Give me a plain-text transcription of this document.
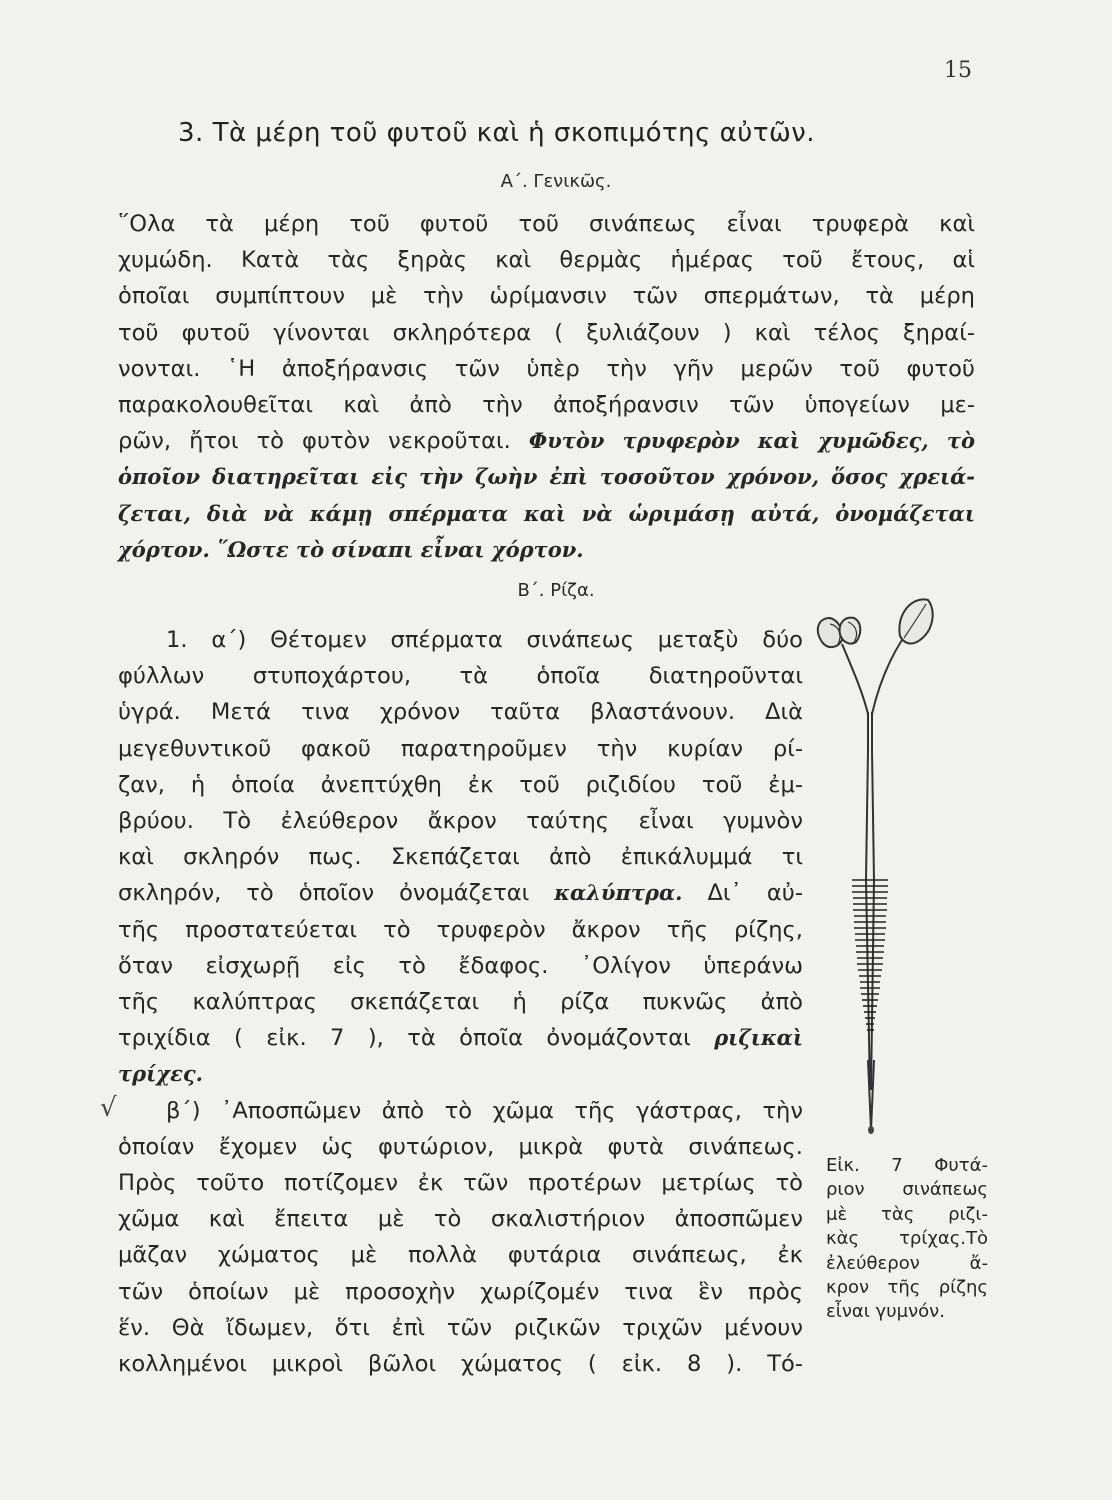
15
3. Τὰ μέρη τοῦ φυτοῦ καὶ ἡ σκοπιμότης αὐτῶν.
Α΄. Γενικῶς.
῞Ολα τὰ μέρη τοῦ φυτοῦ τοῦ σινάπεως εἶναι τρυφερὰ καὶ
χυμώδη. Κατὰ τὰς ξηρὰς καὶ θερμὰς ἡμέρας τοῦ ἔτους, αἱ
ὁποῖαι συμπίπτουν μὲ τὴν ὡρίμανσιν τῶν σπερμάτων, τὰ μέρη
τοῦ φυτοῦ γίνονται σκληρότερα ( ξυλιάζουν ) καὶ τέλος ξηραί-
νονται. ῾Η ἀποξήρανσις τῶν ὑπὲρ τὴν γῆν μερῶν τοῦ φυτοῦ
παρακολουθεῖται καὶ ἀπὸ τὴν ἀποξήρανσιν τῶν ὑπογείων με-
ρῶν, ἤτοι τὸ φυτὸν νεκροῦται. Φυτὸν τρυφερὸν καὶ χυμῶδες, τὸ
ὁποῖον διατηρεῖται εἰς τὴν ζωὴν ἐπὶ τοσοῦτον χρόνον, ὅσος χρειά-
ζεται, διὰ νὰ κάμῃ σπέρματα καὶ νὰ ὡριμάσῃ αὐτά, ὀνομάζεται
χόρτον. ῞Ωστε τὸ σίναπι εἶναι χόρτον.
Β΄. Ρίζα.
1. α΄) Θέτομεν σπέρματα σινάπεως μεταξὺ δύο
φύλλων στυποχάρτου, τὰ ὁποῖα διατηροῦνται
ὑγρά. Μετά τινα χρόνον ταῦτα βλαστάνουν. Διὰ
μεγεθυντικοῦ φακοῦ παρατηροῦμεν τὴν κυρίαν ρί-
ζαν, ἡ ὁποία ἀνεπτύχθη ἐκ τοῦ ριζιδίου τοῦ ἐμ-
βρύου. Τὸ ἐλεύθερον ἄκρον ταύτης εἶναι γυμνὸν
καὶ σκληρόν πως. Σκεπάζεται ἀπὸ ἐπικάλυμμά τι
σκληρόν, τὸ ὁποῖον ὀνομάζεται καλύπτρα. Δι᾽ αὐ-
τῆς προστατεύεται τὸ τρυφερὸν ἄκρον τῆς ρίζης,
ὅταν εἰσχωρῇ εἰς τὸ ἔδαφος. ᾽Ολίγον ὑπεράνω
τῆς καλύπτρας σκεπάζεται ἡ ρίζα πυκνῶς ἀπὸ
τριχίδια ( εἰκ. 7 ), τὰ ὁποῖα ὀνομάζονται ριζικαὶ
τρίχες.
β΄) ᾽Αποσπῶμεν ἀπὸ τὸ χῶμα τῆς γάστρας, τὴν
ὁποίαν ἔχομεν ὡς φυτώριον, μικρὰ φυτὰ σινάπεως.
Πρὸς τοῦτο ποτίζομεν ἐκ τῶν προτέρων μετρίως τὸ
χῶμα καὶ ἔπειτα μὲ τὸ σκαλιστήριον ἀποσπῶμεν
μᾶζαν χώματος μὲ πολλὰ φυτάρια σινάπεως, ἐκ
τῶν ὁποίων μὲ προσοχὴν χωρίζομέν τινα ἓν πρὸς
ἕν. Θὰ ἴδωμεν, ὅτι ἐπὶ τῶν ριζικῶν τριχῶν μένουν
κολλημένοι μικροὶ βῶλοι χώματος ( εἰκ. 8 ). Τό-
√
Εἰκ. 7 Φυτά-
ριον σινάπεως
μὲ τὰς ριζι-
κὰς τρίχας.Τὸ
ἐλεύθερον ἄ-
κρον τῆς ρίζης
εἶναι γυμνόν.
